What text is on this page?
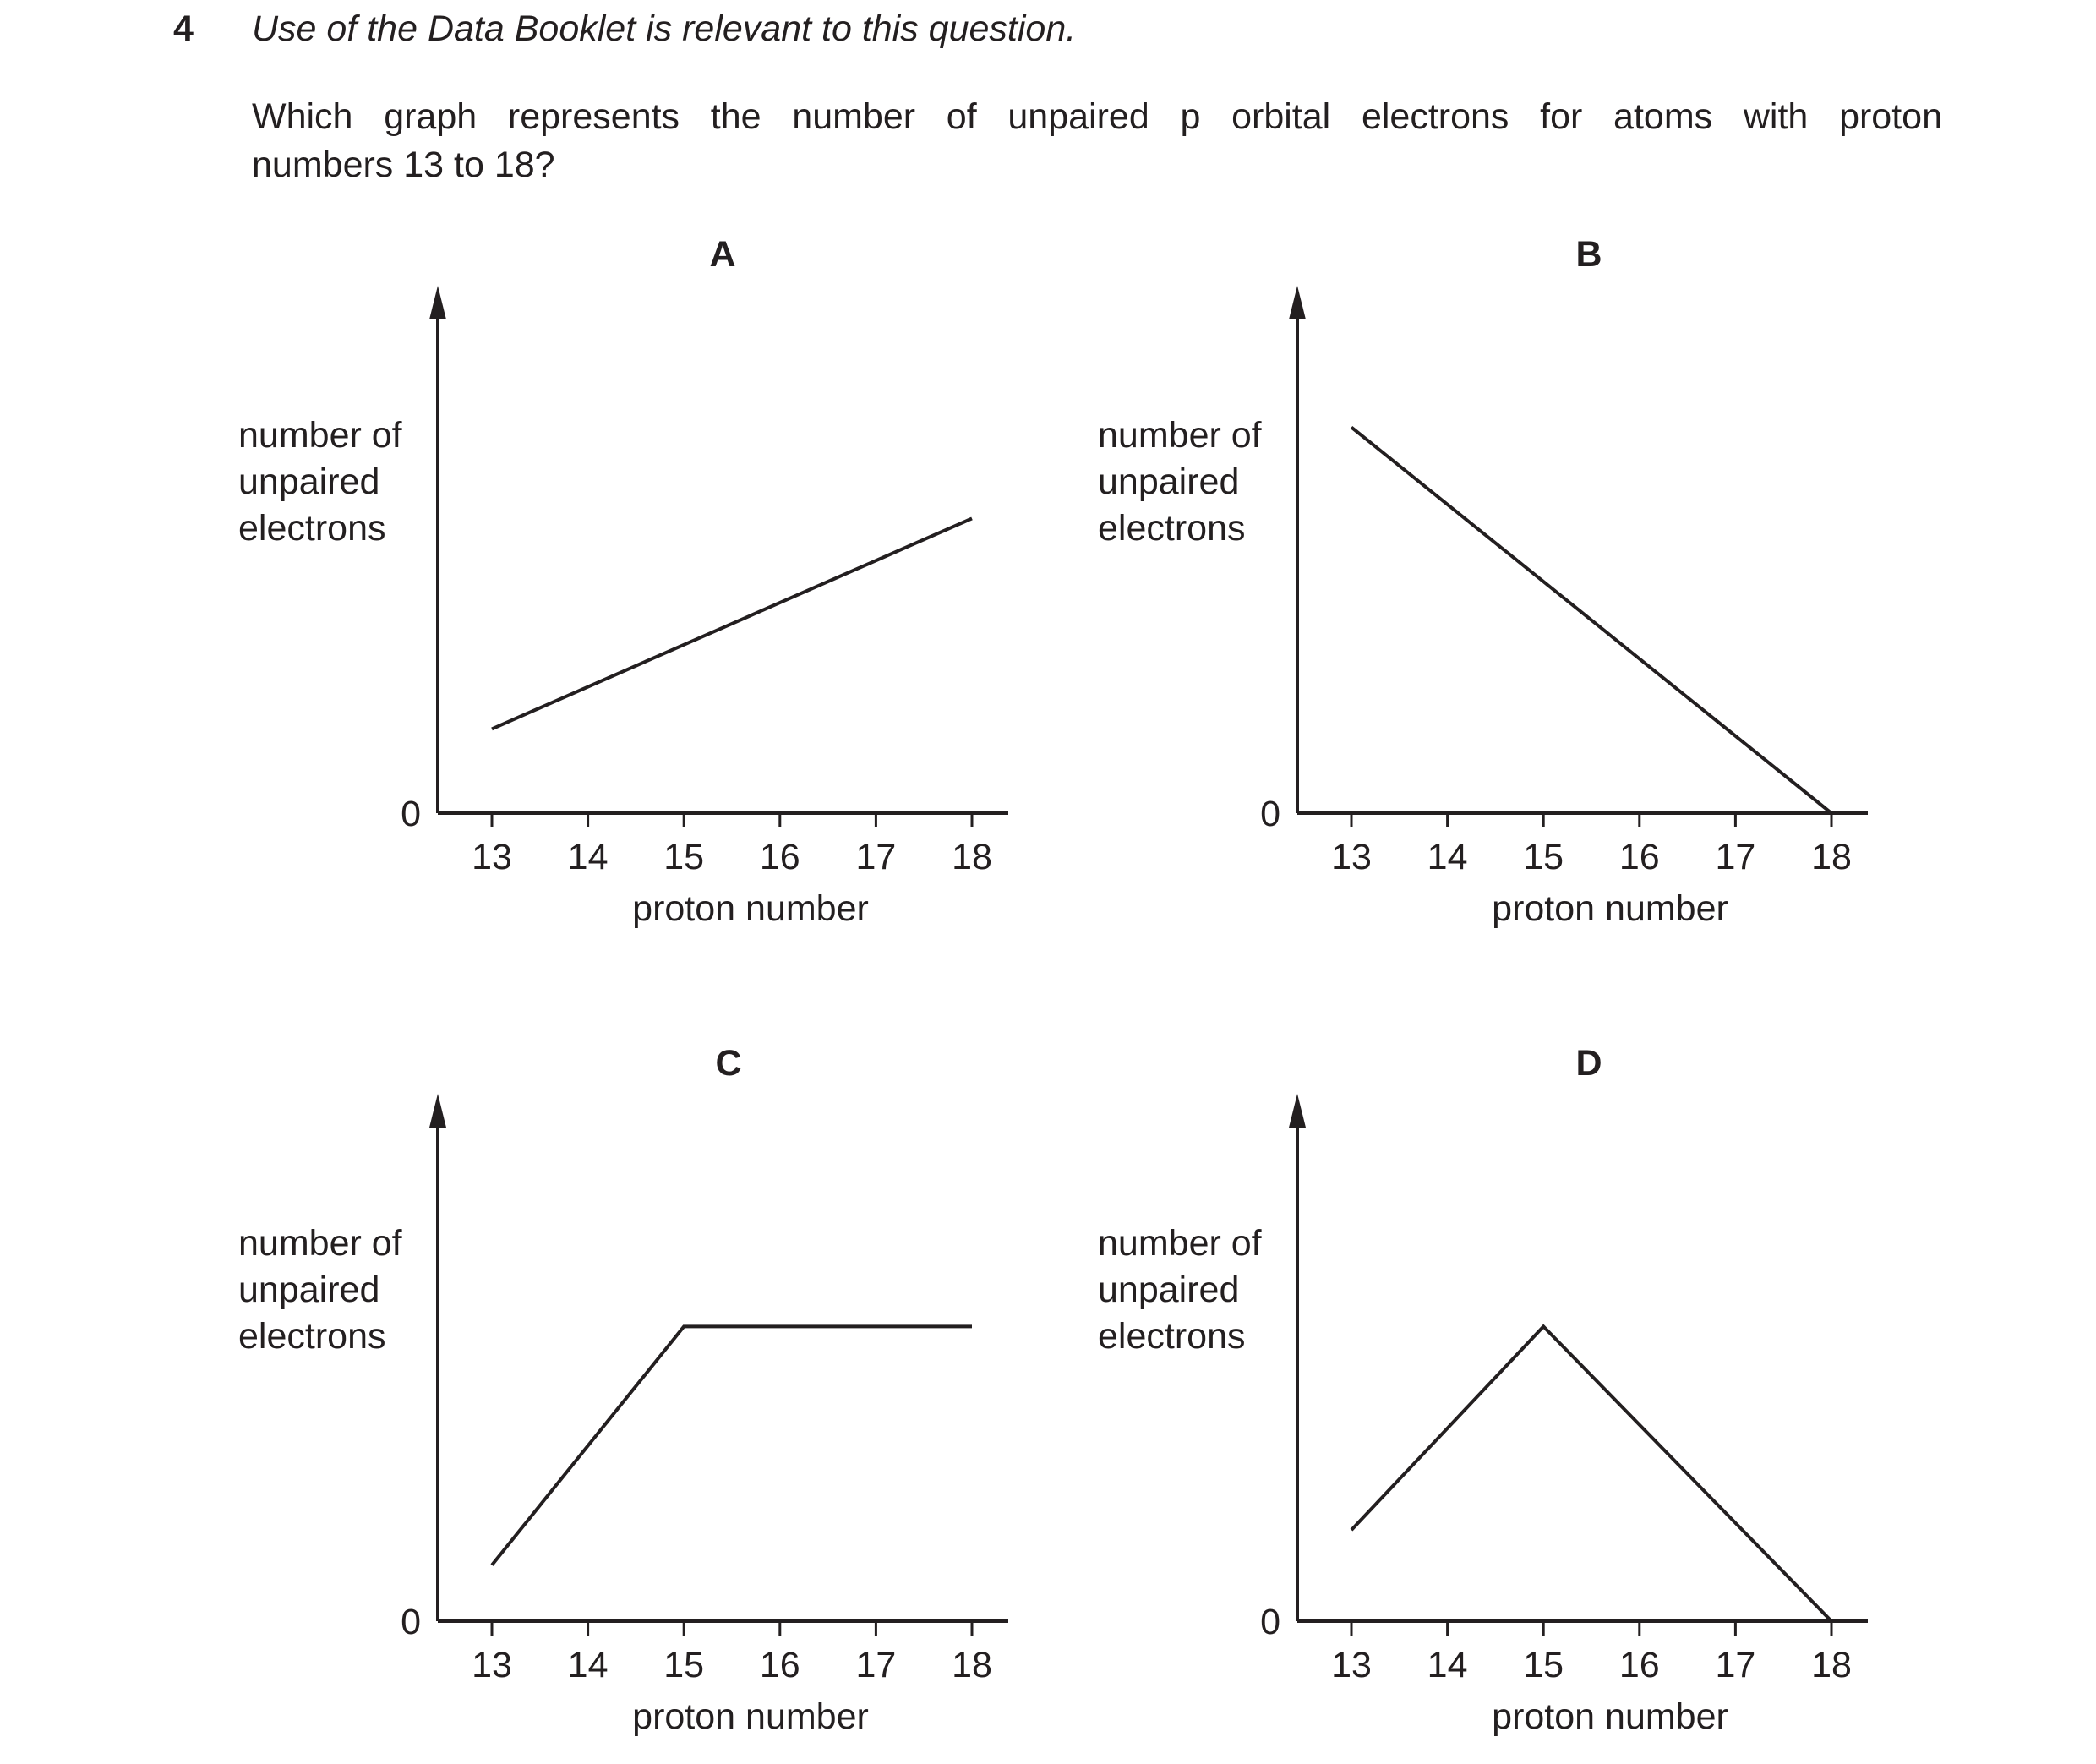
4 Use of the Data Booklet is relevant to this question.
Which graph represents the number of unpaired p orbital electrons for atoms with proton
numbers 13 to 18?
A
13 14 15 16 17 18
0
proton number
number of unpaired electrons
B
13 14 15 16 17 18
0
proton number
number of unpaired electrons
C
13 14 15 16 17 18
0
proton number
number of unpaired electrons
D
13 14 15 16 17 18
0
proton number
number of unpaired electrons
